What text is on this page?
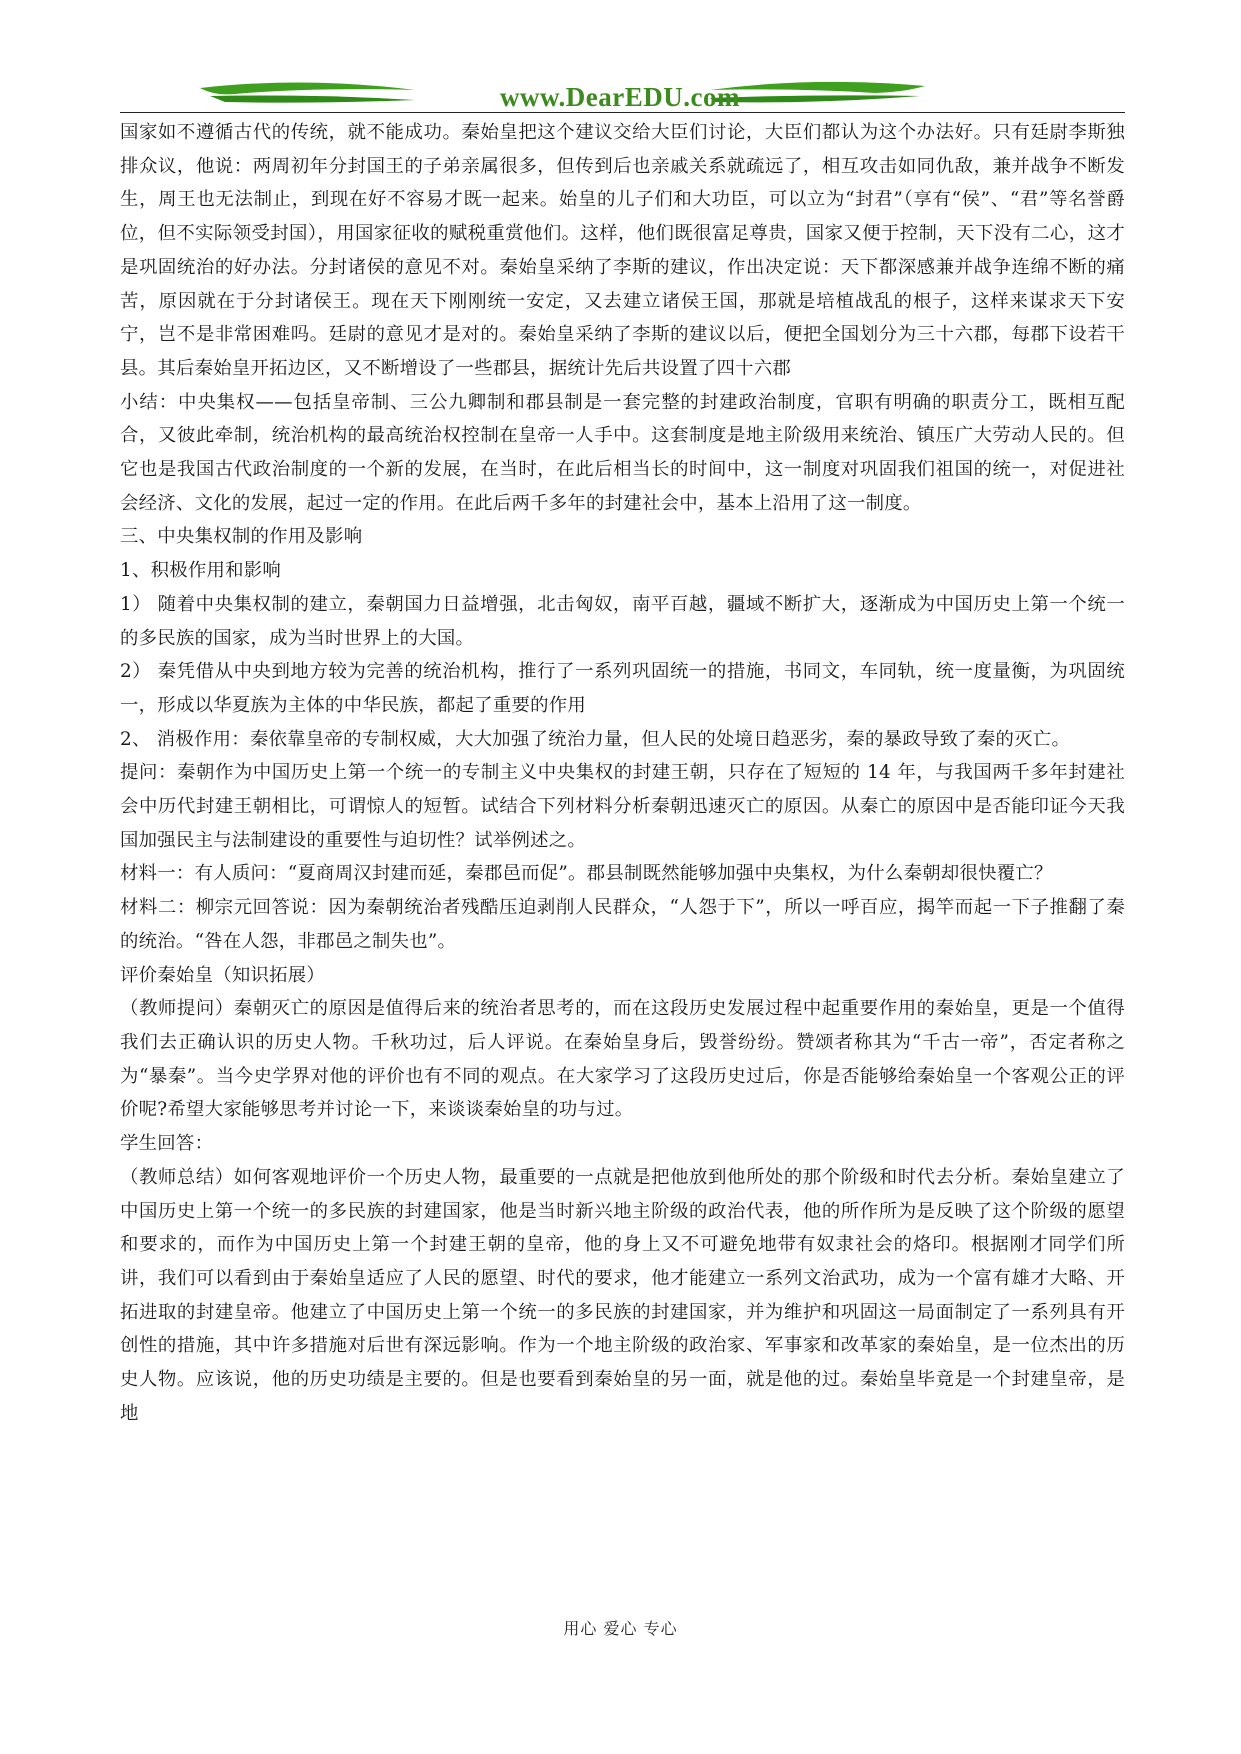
www.DearEDU.com

国家如不遵循古代的传统，就不能成功。秦始皇把这个建议交给大臣们讨论，大臣们都认为这个办法好。只有廷尉李斯独排众议，他说：两周初年分封国王的子弟亲属很多，但传到后也亲戚关系就疏远了，相互攻击如同仇敌，兼并战争不断发生，周王也无法制止，到现在好不容易才既一起来。始皇的儿子们和大功臣，可以立为“封君”（享有“侯”、“君”等名誉爵位，但不实际领受封国），用国家征收的赋税重赏他们。这样，他们既很富足尊贵，国家又便于控制，天下没有二心，这才是巩固统治的好办法。分封诸侯的意见不对。秦始皇采纳了李斯的建议，作出决定说：天下都深感兼并战争连绵不断的痛苦，原因就在于分封诸侯王。现在天下刚刚统一安定，又去建立诸侯王国，那就是培植战乱的根子，这样来谋求天下安宁，岂不是非常困难吗。廷尉的意见才是对的。秦始皇采纳了李斯的建议以后，便把全国划分为三十六郡，每郡下设若干县。其后秦始皇开拓边区，又不断增设了一些郡县，据统计先后共设置了四十六郡

小结：中央集权——包括皇帝制、三公九卿制和郡县制是一套完整的封建政治制度，官职有明确的职责分工，既相互配合，又彼此牵制，统治机构的最高统治权控制在皇帝一人手中。这套制度是地主阶级用来统治、镇压广大劳动人民的。但它也是我国古代政治制度的一个新的发展，在当时，在此后相当长的时间中，这一制度对巩固我们祖国的统一，对促进社会经济、文化的发展，起过一定的作用。在此后两千多年的封建社会中，基本上沿用了这一制度。

三、中央集权制的作用及影响

1、积极作用和影响

1） 随着中央集权制的建立，秦朝国力日益增强，北击匈奴，南平百越，疆域不断扩大，逐渐成为中国历史上第一个统一的多民族的国家，成为当时世界上的大国。

2） 秦凭借从中央到地方较为完善的统治机构，推行了一系列巩固统一的措施，书同文，车同轨，统一度量衡，为巩固统一，形成以华夏族为主体的中华民族，都起了重要的作用

2、 消极作用：秦依靠皇帝的专制权威，大大加强了统治力量，但人民的处境日趋恶劣，秦的暴政导致了秦的灭亡。

提问：秦朝作为中国历史上第一个统一的专制主义中央集权的封建王朝，只存在了短短的 14 年，与我国两千多年封建社会中历代封建王朝相比，可谓惊人的短暂。试结合下列材料分析秦朝迅速灭亡的原因。从秦亡的原因中是否能印证今天我国加强民主与法制建设的重要性与迫切性？试举例述之。

材料一：有人质问：“夏商周汉封建而延，秦郡邑而促”。郡县制既然能够加强中央集权，为什么秦朝却很快覆亡？

材料二：柳宗元回答说：因为秦朝统治者残酷压迫剥削人民群众，“人怨于下”，所以一呼百应，揭竿而起一下子推翻了秦的统治。“咎在人怨，非郡邑之制失也”。

评价秦始皇（知识拓展）

（教师提问）秦朝灭亡的原因是值得后来的统治者思考的，而在这段历史发展过程中起重要作用的秦始皇，更是一个值得我们去正确认识的历史人物。千秋功过，后人评说。在秦始皇身后，毁誉纷纷。赞颂者称其为“千古一帝”，否定者称之为“暴秦”。当今史学界对他的评价也有不同的观点。在大家学习了这段历史过后，你是否能够给秦始皇一个客观公正的评价呢?希望大家能够思考并讨论一下，来谈谈秦始皇的功与过。

学生回答：

（教师总结）如何客观地评价一个历史人物，最重要的一点就是把他放到他所处的那个阶级和时代去分析。秦始皇建立了中国历史上第一个统一的多民族的封建国家，他是当时新兴地主阶级的政治代表，他的所作所为是反映了这个阶级的愿望和要求的，而作为中国历史上第一个封建王朝的皇帝，他的身上又不可避免地带有奴隶社会的烙印。根据刚才同学们所讲，我们可以看到由于秦始皇适应了人民的愿望、时代的要求，他才能建立一系列文治武功，成为一个富有雄才大略、开拓进取的封建皇帝。他建立了中国历史上第一个统一的多民族的封建国家，并为维护和巩固这一局面制定了一系列具有开创性的措施，其中许多措施对后世有深远影响。作为一个地主阶级的政治家、军事家和改革家的秦始皇，是一位杰出的历史人物。应该说，他的历史功绩是主要的。但是也要看到秦始皇的另一面，就是他的过。秦始皇毕竟是一个封建皇帝，是地

用心 爱心 专心
